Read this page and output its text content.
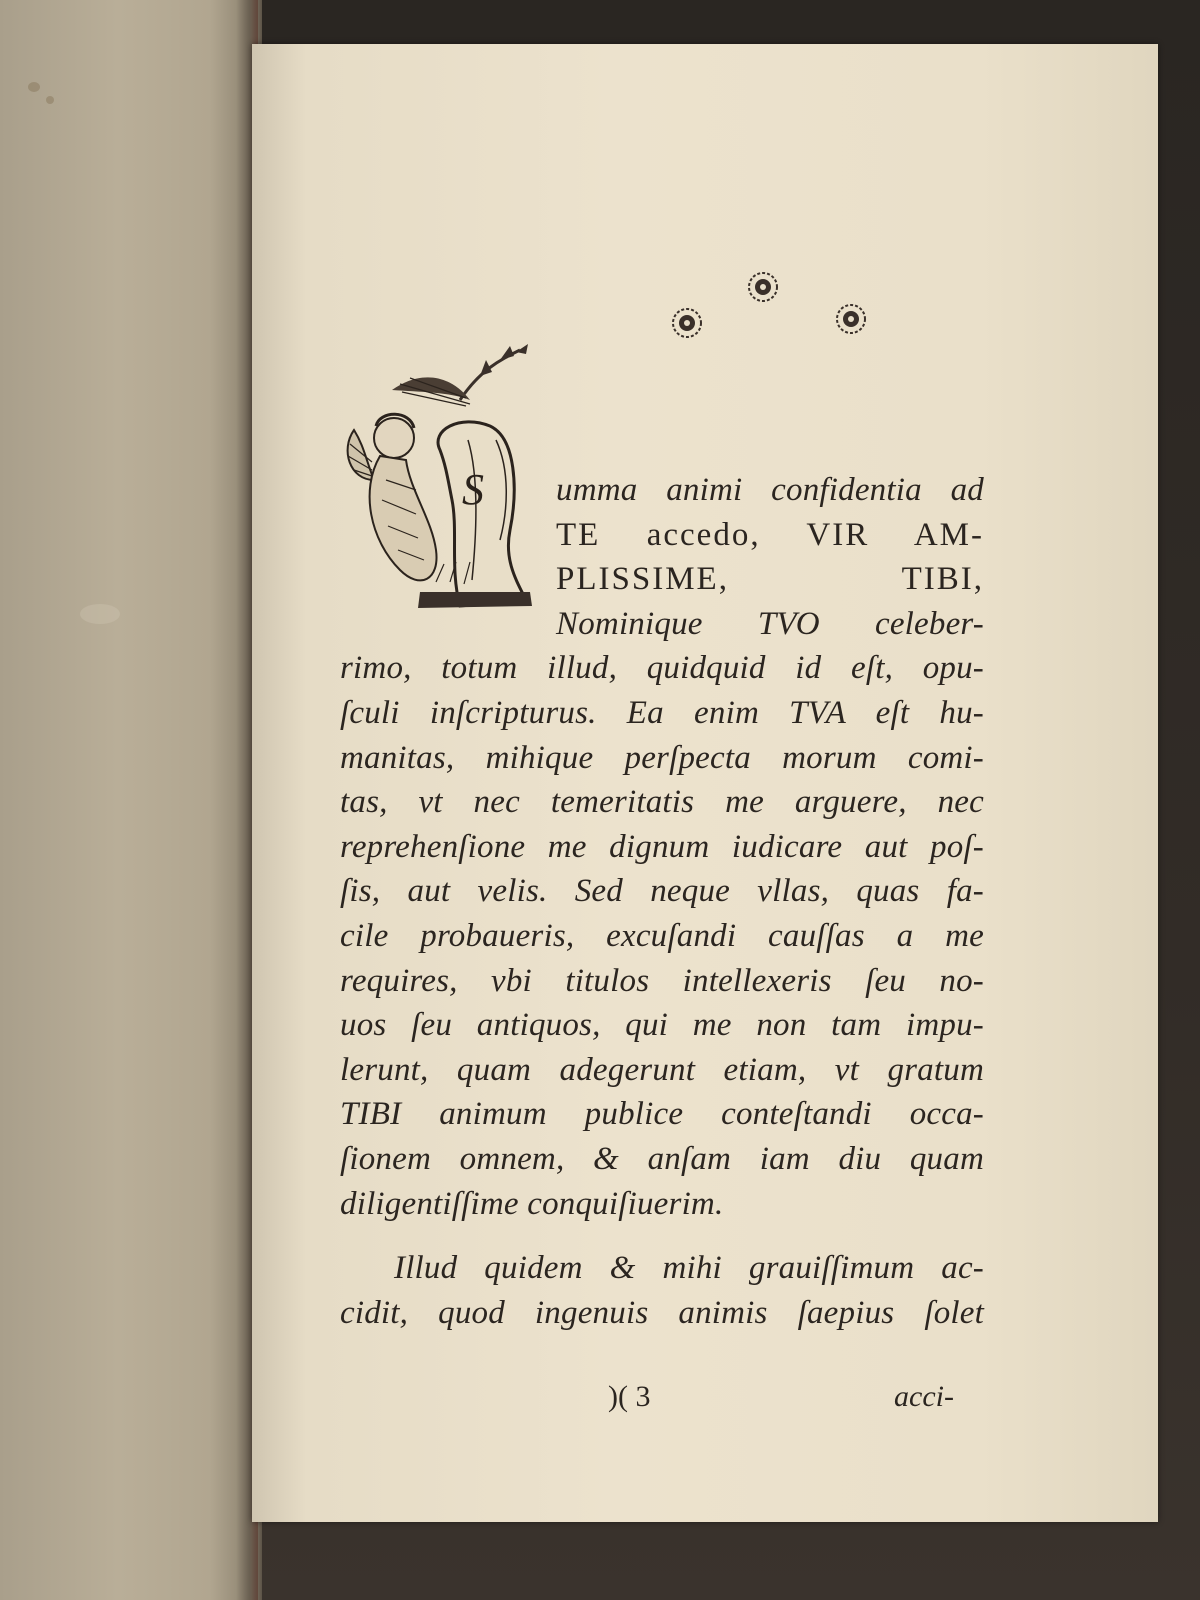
S	umma animi confidentia ad
TE accedo, VIR AM-
PLISSIME, TIBI,
Nominique TVO celeber-
rimo, totum illud, quidquid id eſt, opu-
ſculi inſcripturus. Ea enim TVA eſt hu-
manitas, mihique perſpecta morum comi-
tas, vt nec temeritatis me arguere, nec
reprehenſione me dignum iudicare aut poſ-
ſis, aut velis. Sed neque vllas, quas fa-
cile probaueris, excuſandi cauſſas a me
requires, vbi titulos intellexeris ſeu no-
uos ſeu antiquos, qui me non tam impu-
lerunt, quam adegerunt etiam, vt gratum
TIBI animum publice conteſtandi occa-
ſionem omnem, & anſam iam diu quam
diligentiſſime conquiſiuerim.
Illud quidem & mihi grauiſſimum ac-
cidit, quod ingenuis animis ſaepius ſolet
)( 3	acci-
